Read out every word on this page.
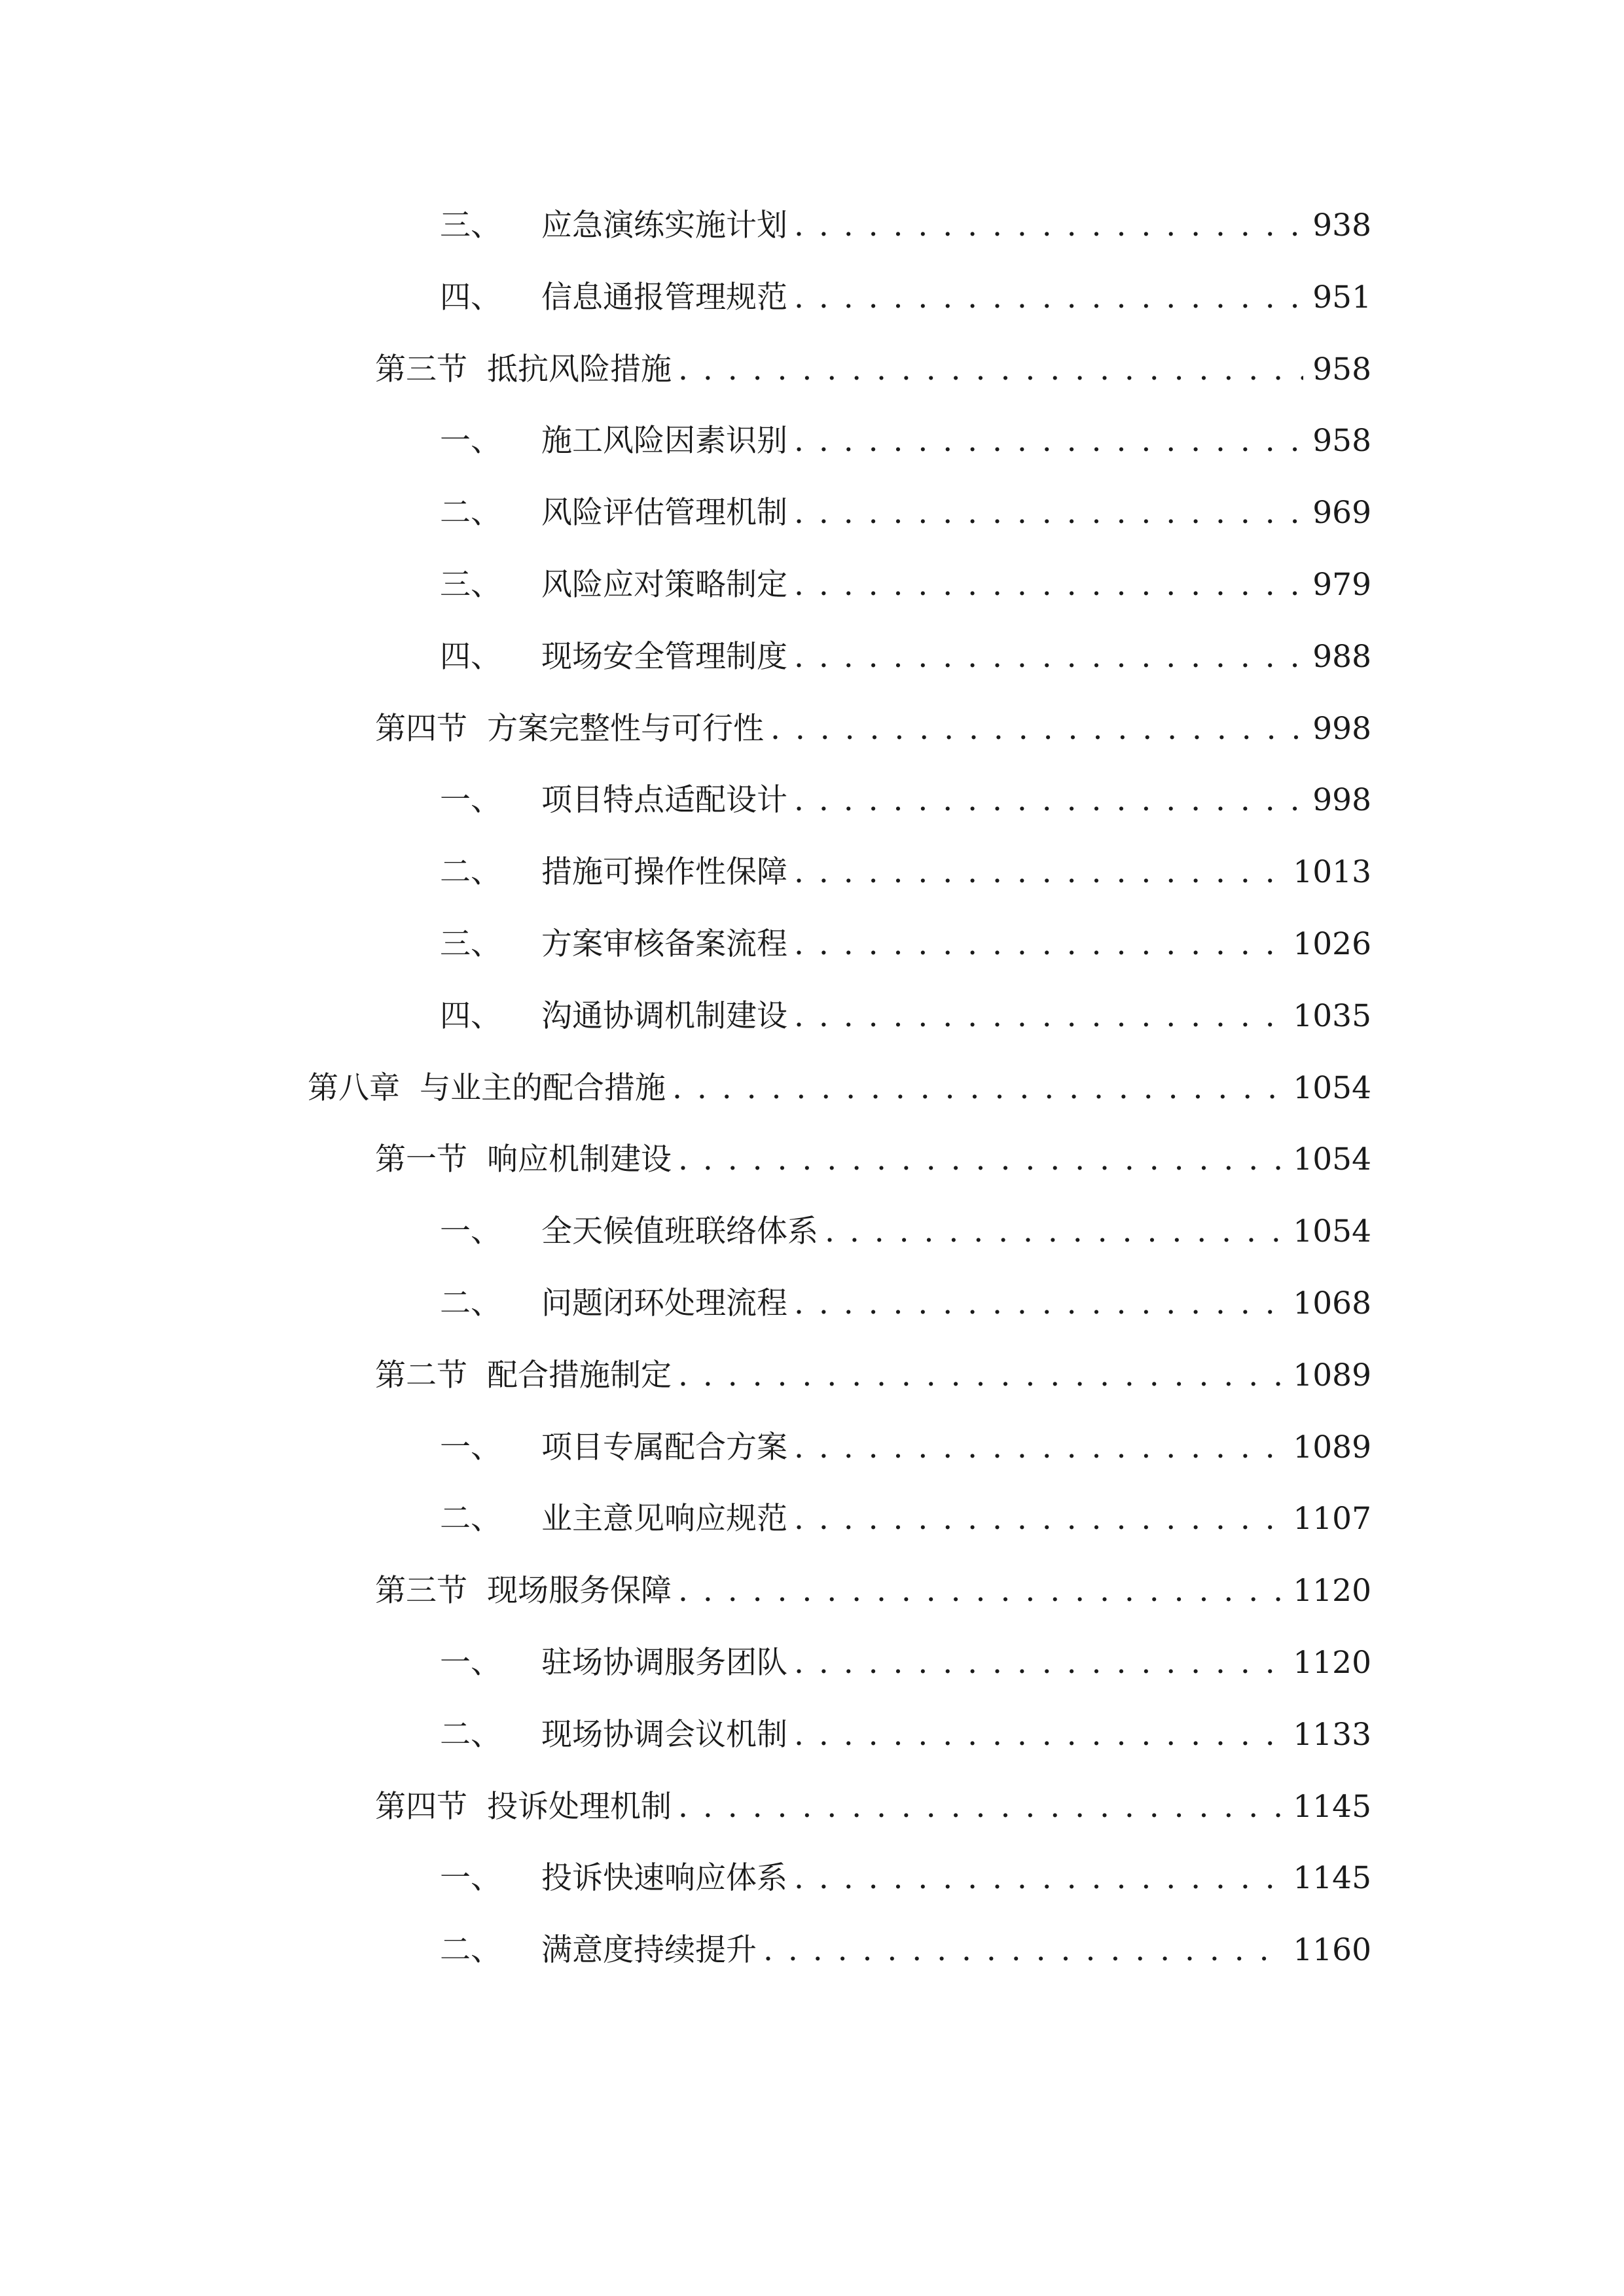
三、	应急演练实施计划 . . .	938
四、	信息通报管理规范 . . .	951
第三节 抵抗风险措施 . . .	958
一、	施工风险因素识别 . . .	958
二、	风险评估管理机制 . . .	969
三、	风险应对策略制定 . . .	979
四、	现场安全管理制度 . . .	988
第四节 方案完整性与可行性 . . .	998
一、	项目特点适配设计 . . .	998
二、	措施可操作性保障 . . .	1013
三、	方案审核备案流程 . . .	1026
四、	沟通协调机制建设 . . .	1035
第八章 与业主的配合措施 . . .	1054
第一节 响应机制建设 . . .	1054
一、	全天候值班联络体系 . . .	1054
二、	问题闭环处理流程 . . .	1068
第二节 配合措施制定 . . .	1089
一、	项目专属配合方案 . . .	1089
二、	业主意见响应规范 . . .	1107
第三节 现场服务保障 . . .	1120
一、	驻场协调服务团队 . . .	1120
二、	现场协调会议机制 . . .	1133
第四节 投诉处理机制 . . .	1145
一、	投诉快速响应体系 . . .	1145
二、	满意度持续提升 . . .	1160
